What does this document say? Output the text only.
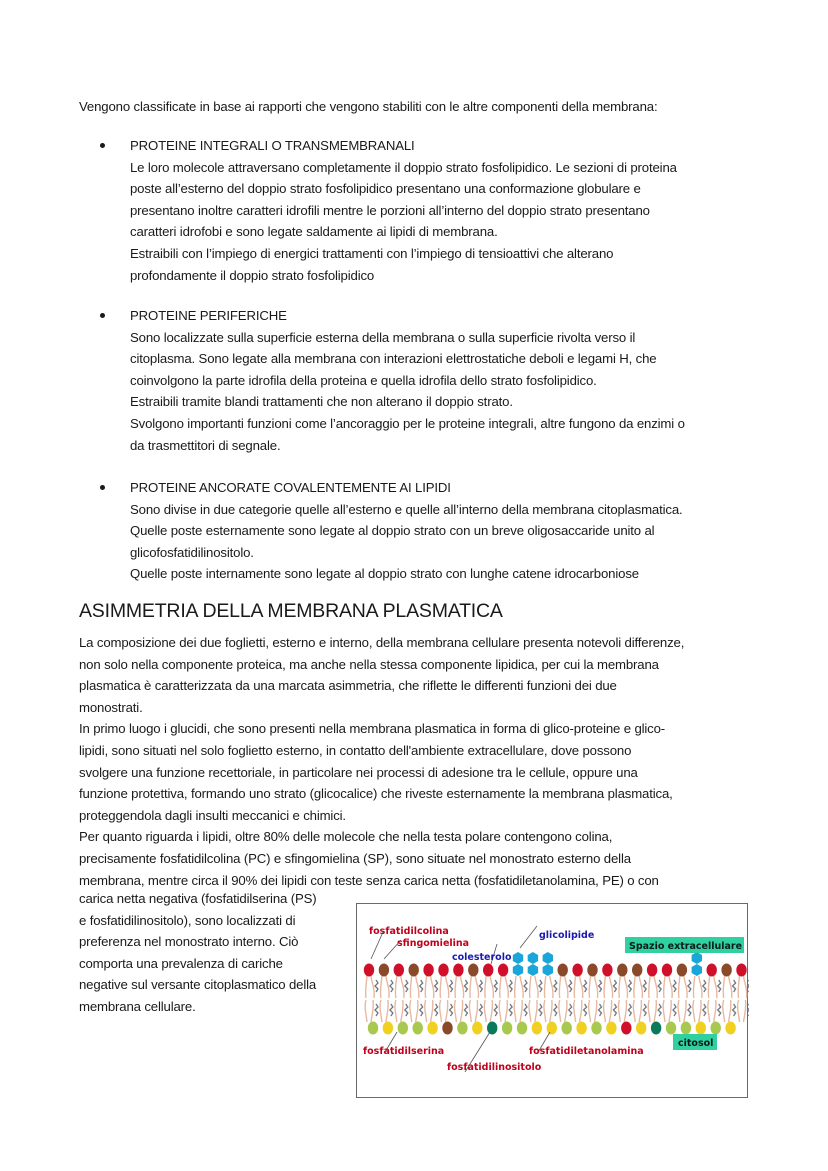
Vengono classificate in base ai rapporti che vengono stabiliti con le altre componenti della membrana:
PROTEINE INTEGRALI O TRANSMEMBRANALI
Le loro molecole attraversano completamente il doppio strato fosfolipidico. Le sezioni di proteina
poste all’esterno del doppio strato fosfolipidico presentano una conformazione globulare e
presentano inoltre caratteri idrofili mentre le porzioni all’interno del doppio strato presentano
caratteri idrofobi e sono legate saldamente ai lipidi di membrana.
Estraibili con l’impiego di energici trattamenti con l’impiego di tensioattivi che alterano
profondamente il doppio strato fosfolipidico
PROTEINE PERIFERICHE
Sono localizzate sulla superficie esterna della membrana o sulla superficie rivolta verso il
citoplasma. Sono legate alla membrana con interazioni elettrostatiche deboli e legami H, che
coinvolgono la parte idrofila della proteina e quella idrofila dello strato fosfolipidico.
Estraibili tramite blandi trattamenti che non alterano il doppio strato.
Svolgono importanti funzioni come l’ancoraggio per le proteine integrali, altre fungono da enzimi o
da trasmettitori di segnale.
PROTEINE ANCORATE COVALENTEMENTE AI LIPIDI
Sono divise in due categorie quelle all’esterno e quelle all’interno della membrana citoplasmatica.
Quelle poste esternamente sono legate al doppio strato con un breve oligosaccaride unito al
glicofosfatidilinositolo.
Quelle poste internamente sono legate al doppio strato con lunghe catene idrocarboniose
ASIMMETRIA DELLA MEMBRANA PLASMATICA
La composizione dei due foglietti, esterno e interno, della membrana cellulare presenta notevoli differenze,
non solo nella componente proteica, ma anche nella stessa componente lipidica, per cui la membrana
plasmatica è caratterizzata da una marcata asimmetria, che riflette le differenti funzioni dei due
monostrati.
In primo luogo i glucidi, che sono presenti nella membrana plasmatica in forma di glico-proteine e glico-
lipidi, sono situati nel solo foglietto esterno, in contatto dell'ambiente extracellulare, dove possono
svolgere una funzione recettoriale, in particolare nei processi di adesione tra le cellule, oppure una
funzione protettiva, formando uno strato (glicocalice) che riveste esternamente la membrana plasmatica,
proteggendola dagli insulti meccanici e chimici.
Per quanto riguarda i lipidi, oltre 80% delle molecole che nella testa polare contengono colina,
precisamente fosfatidilcolina (PC) e sfingomielina (SP), sono situate nel monostrato esterno della
membrana, mentre circa il 90% dei lipidi con teste senza carica netta (fosfatidiletanolamina, PE) o con
carica netta negativa (fosfatidilserina (PS)
e fosfatidilinositolo), sono localizzati di
preferenza nel monostrato interno. Ciò
comporta una prevalenza di cariche
negative sul versante citoplasmatico della
membrana cellulare.
fosfatidilcolina
sfingomielina
colesterolo
glicolipide
Spazio extracellulare
fosfatidilserina
fosfatidilinositolo
fosfatidiletanolamina
citosol
